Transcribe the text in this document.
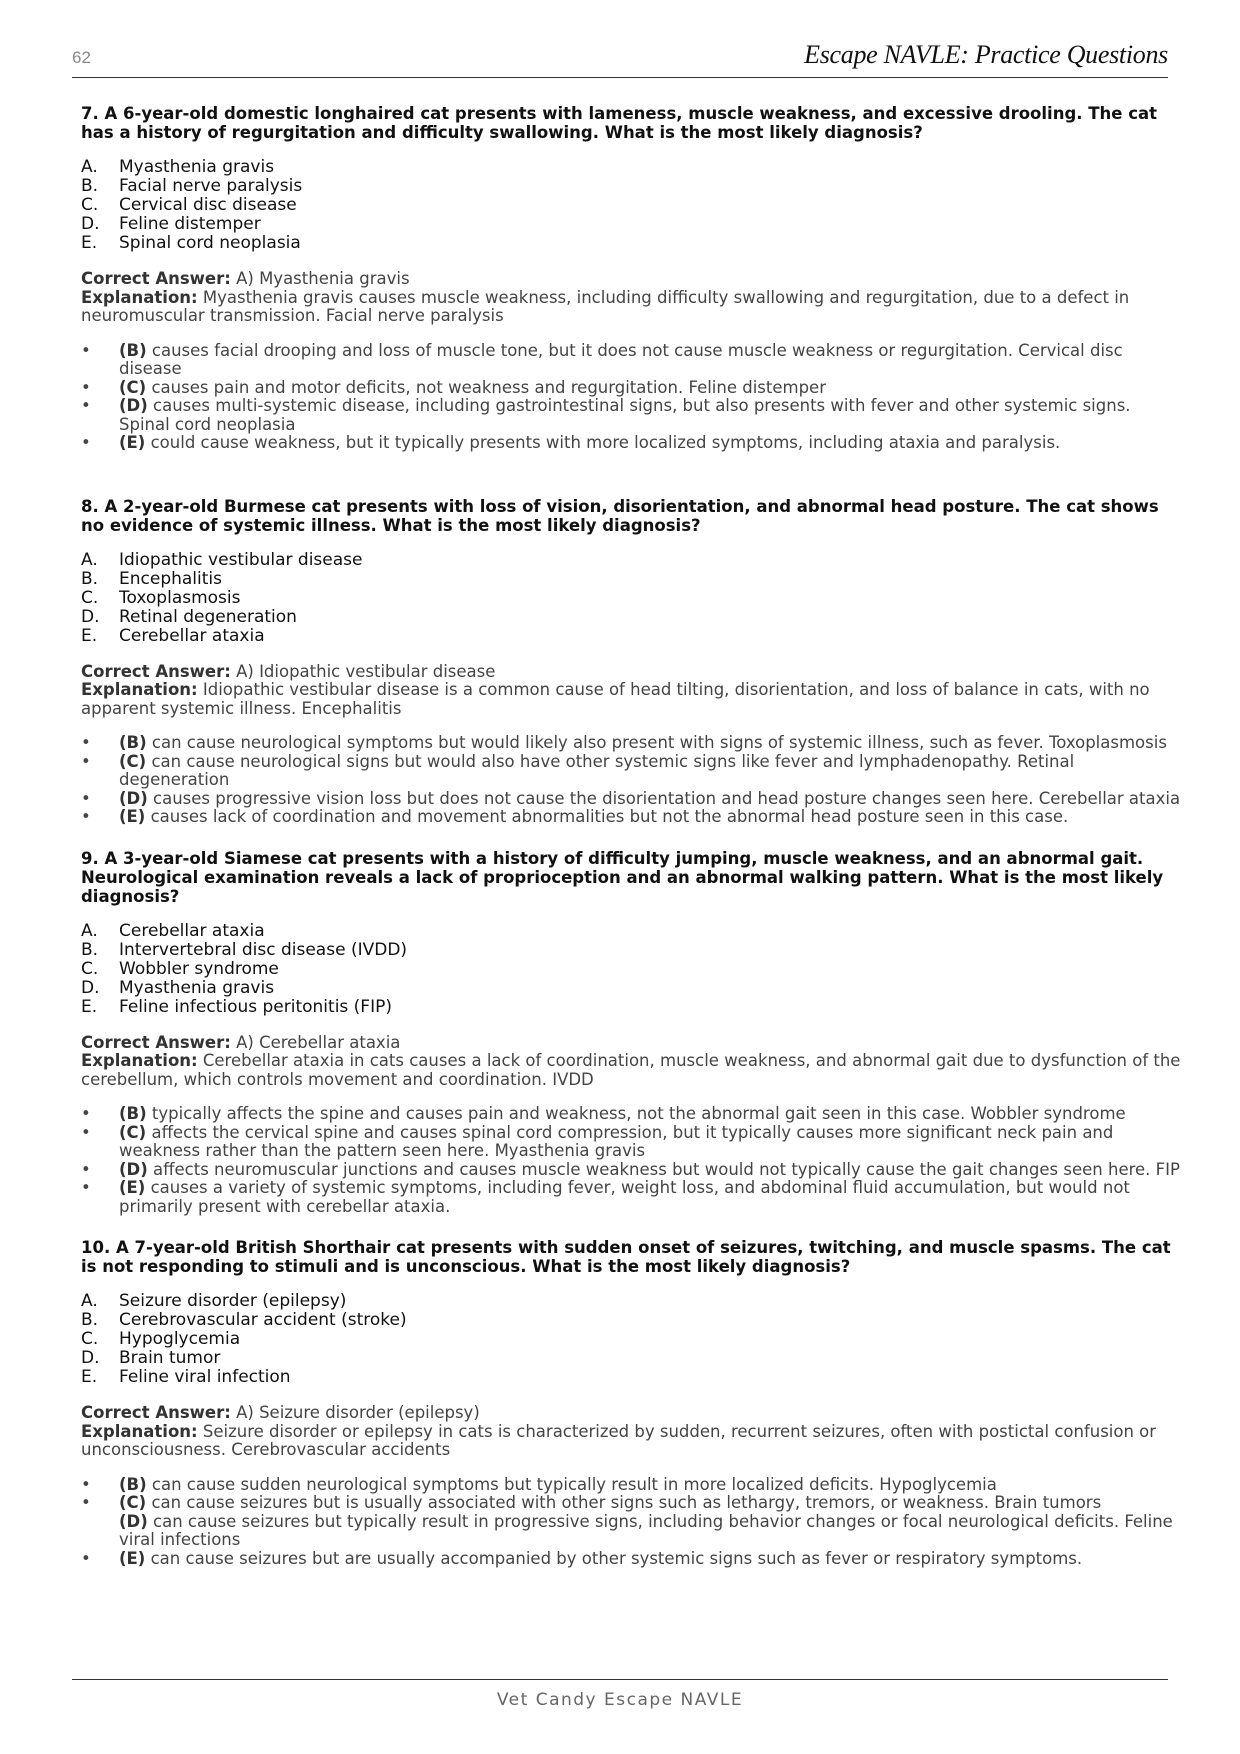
62	Escape NAVLE: Practice Questions

7. A 6-year-old domestic longhaired cat presents with lameness, muscle weakness, and excessive drooling. The cat has a history of regurgitation and difficulty swallowing. What is the most likely diagnosis?

A.	Myasthenia gravis
B.	Facial nerve paralysis
C.	Cervical disc disease
D.	Feline distemper
E.	Spinal cord neoplasia

Correct Answer: A) Myasthenia gravis

Explanation: Myasthenia gravis causes muscle weakness, including difficulty swallowing and regurgitation, due to a defect in neuromuscular transmission. Facial nerve paralysis

•	(B) causes facial drooping and loss of muscle tone, but it does not cause muscle weakness or regurgitation. Cervical disc disease
•	(C) causes pain and motor deficits, not weakness and regurgitation. Feline distemper
•	(D) causes multi-systemic disease, including gastrointestinal signs, but also presents with fever and other systemic signs. Spinal cord neoplasia
•	(E) could cause weakness, but it typically presents with more localized symptoms, including ataxia and paralysis.

8. A 2-year-old Burmese cat presents with loss of vision, disorientation, and abnormal head posture. The cat shows no evidence of systemic illness. What is the most likely diagnosis?

A.	Idiopathic vestibular disease
B.	Encephalitis
C.	Toxoplasmosis
D.	Retinal degeneration
E.	Cerebellar ataxia

Correct Answer: A) Idiopathic vestibular disease

Explanation: Idiopathic vestibular disease is a common cause of head tilting, disorientation, and loss of balance in cats, with no apparent systemic illness. Encephalitis

•	(B) can cause neurological symptoms but would likely also present with signs of systemic illness, such as fever. Toxoplasmosis
•	(C) can cause neurological signs but would also have other systemic signs like fever and lymphadenopathy. Retinal degeneration
•	(D) causes progressive vision loss but does not cause the disorientation and head posture changes seen here. Cerebellar ataxia
•	(E) causes lack of coordination and movement abnormalities but not the abnormal head posture seen in this case.

9. A 3-year-old Siamese cat presents with a history of difficulty jumping, muscle weakness, and an abnormal gait. Neurological examination reveals a lack of proprioception and an abnormal walking pattern. What is the most likely diagnosis?

A.	Cerebellar ataxia
B.	Intervertebral disc disease (IVDD)
C.	Wobbler syndrome
D.	Myasthenia gravis
E.	Feline infectious peritonitis (FIP)

Correct Answer: A) Cerebellar ataxia

Explanation: Cerebellar ataxia in cats causes a lack of coordination, muscle weakness, and abnormal gait due to dysfunction of the cerebellum, which controls movement and coordination. IVDD

•	(B) typically affects the spine and causes pain and weakness, not the abnormal gait seen in this case. Wobbler syndrome
•	(C) affects the cervical spine and causes spinal cord compression, but it typically causes more significant neck pain and weakness rather than the pattern seen here. Myasthenia gravis
•	(D) affects neuromuscular junctions and causes muscle weakness but would not typically cause the gait changes seen here. FIP
•	(E) causes a variety of systemic symptoms, including fever, weight loss, and abdominal fluid accumulation, but would not primarily present with cerebellar ataxia.

10. A 7-year-old British Shorthair cat presents with sudden onset of seizures, twitching, and muscle spasms. The cat is not responding to stimuli and is unconscious. What is the most likely diagnosis?

A.	Seizure disorder (epilepsy)
B.	Cerebrovascular accident (stroke)
C.	Hypoglycemia
D.	Brain tumor
E.	Feline viral infection

Correct Answer: A) Seizure disorder (epilepsy)

Explanation: Seizure disorder or epilepsy in cats is characterized by sudden, recurrent seizures, often with postictal confusion or unconsciousness. Cerebrovascular accidents

•	(B) can cause sudden neurological symptoms but typically result in more localized deficits. Hypoglycemia
•	(C) can cause seizures but is usually associated with other signs such as lethargy, tremors, or weakness. Brain tumors
(D) can cause seizures but typically result in progressive signs, including behavior changes or focal neurological deficits. Feline viral infections
•	(E) can cause seizures but are usually accompanied by other systemic signs such as fever or respiratory symptoms.
Vet Candy Escape NAVLE
